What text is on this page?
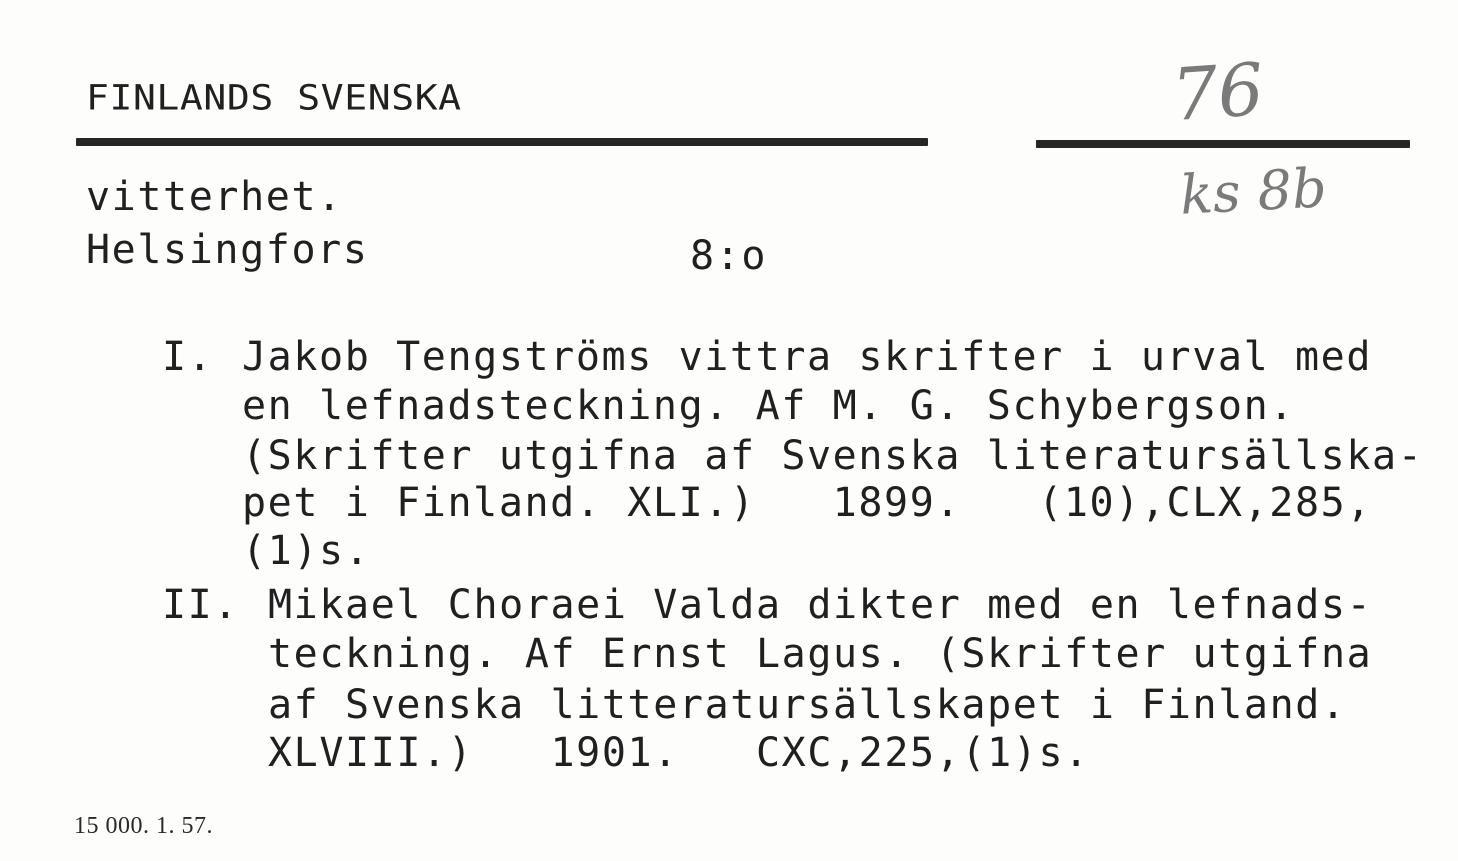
FINLANDS SVENSKA	76
ks 8b
vitterhet.
Helsingfors	8:o
I. Jakob Tengströms vittra skrifter i urval med
en lefnadsteckning. Af M. G. Schybergson.
(Skrifter utgifna af Svenska literatursällska-
pet i Finland. XLI.)   1899.   (10),CLX,285,
(1)s.
II. Mikael Choraei Valda dikter med en lefnads-
teckning. Af Ernst Lagus. (Skrifter utgifna
af Svenska litteratursällskapet i Finland.
XLVIII.)   1901.   CXC,225,(1)s.
15 000. 1. 57.
